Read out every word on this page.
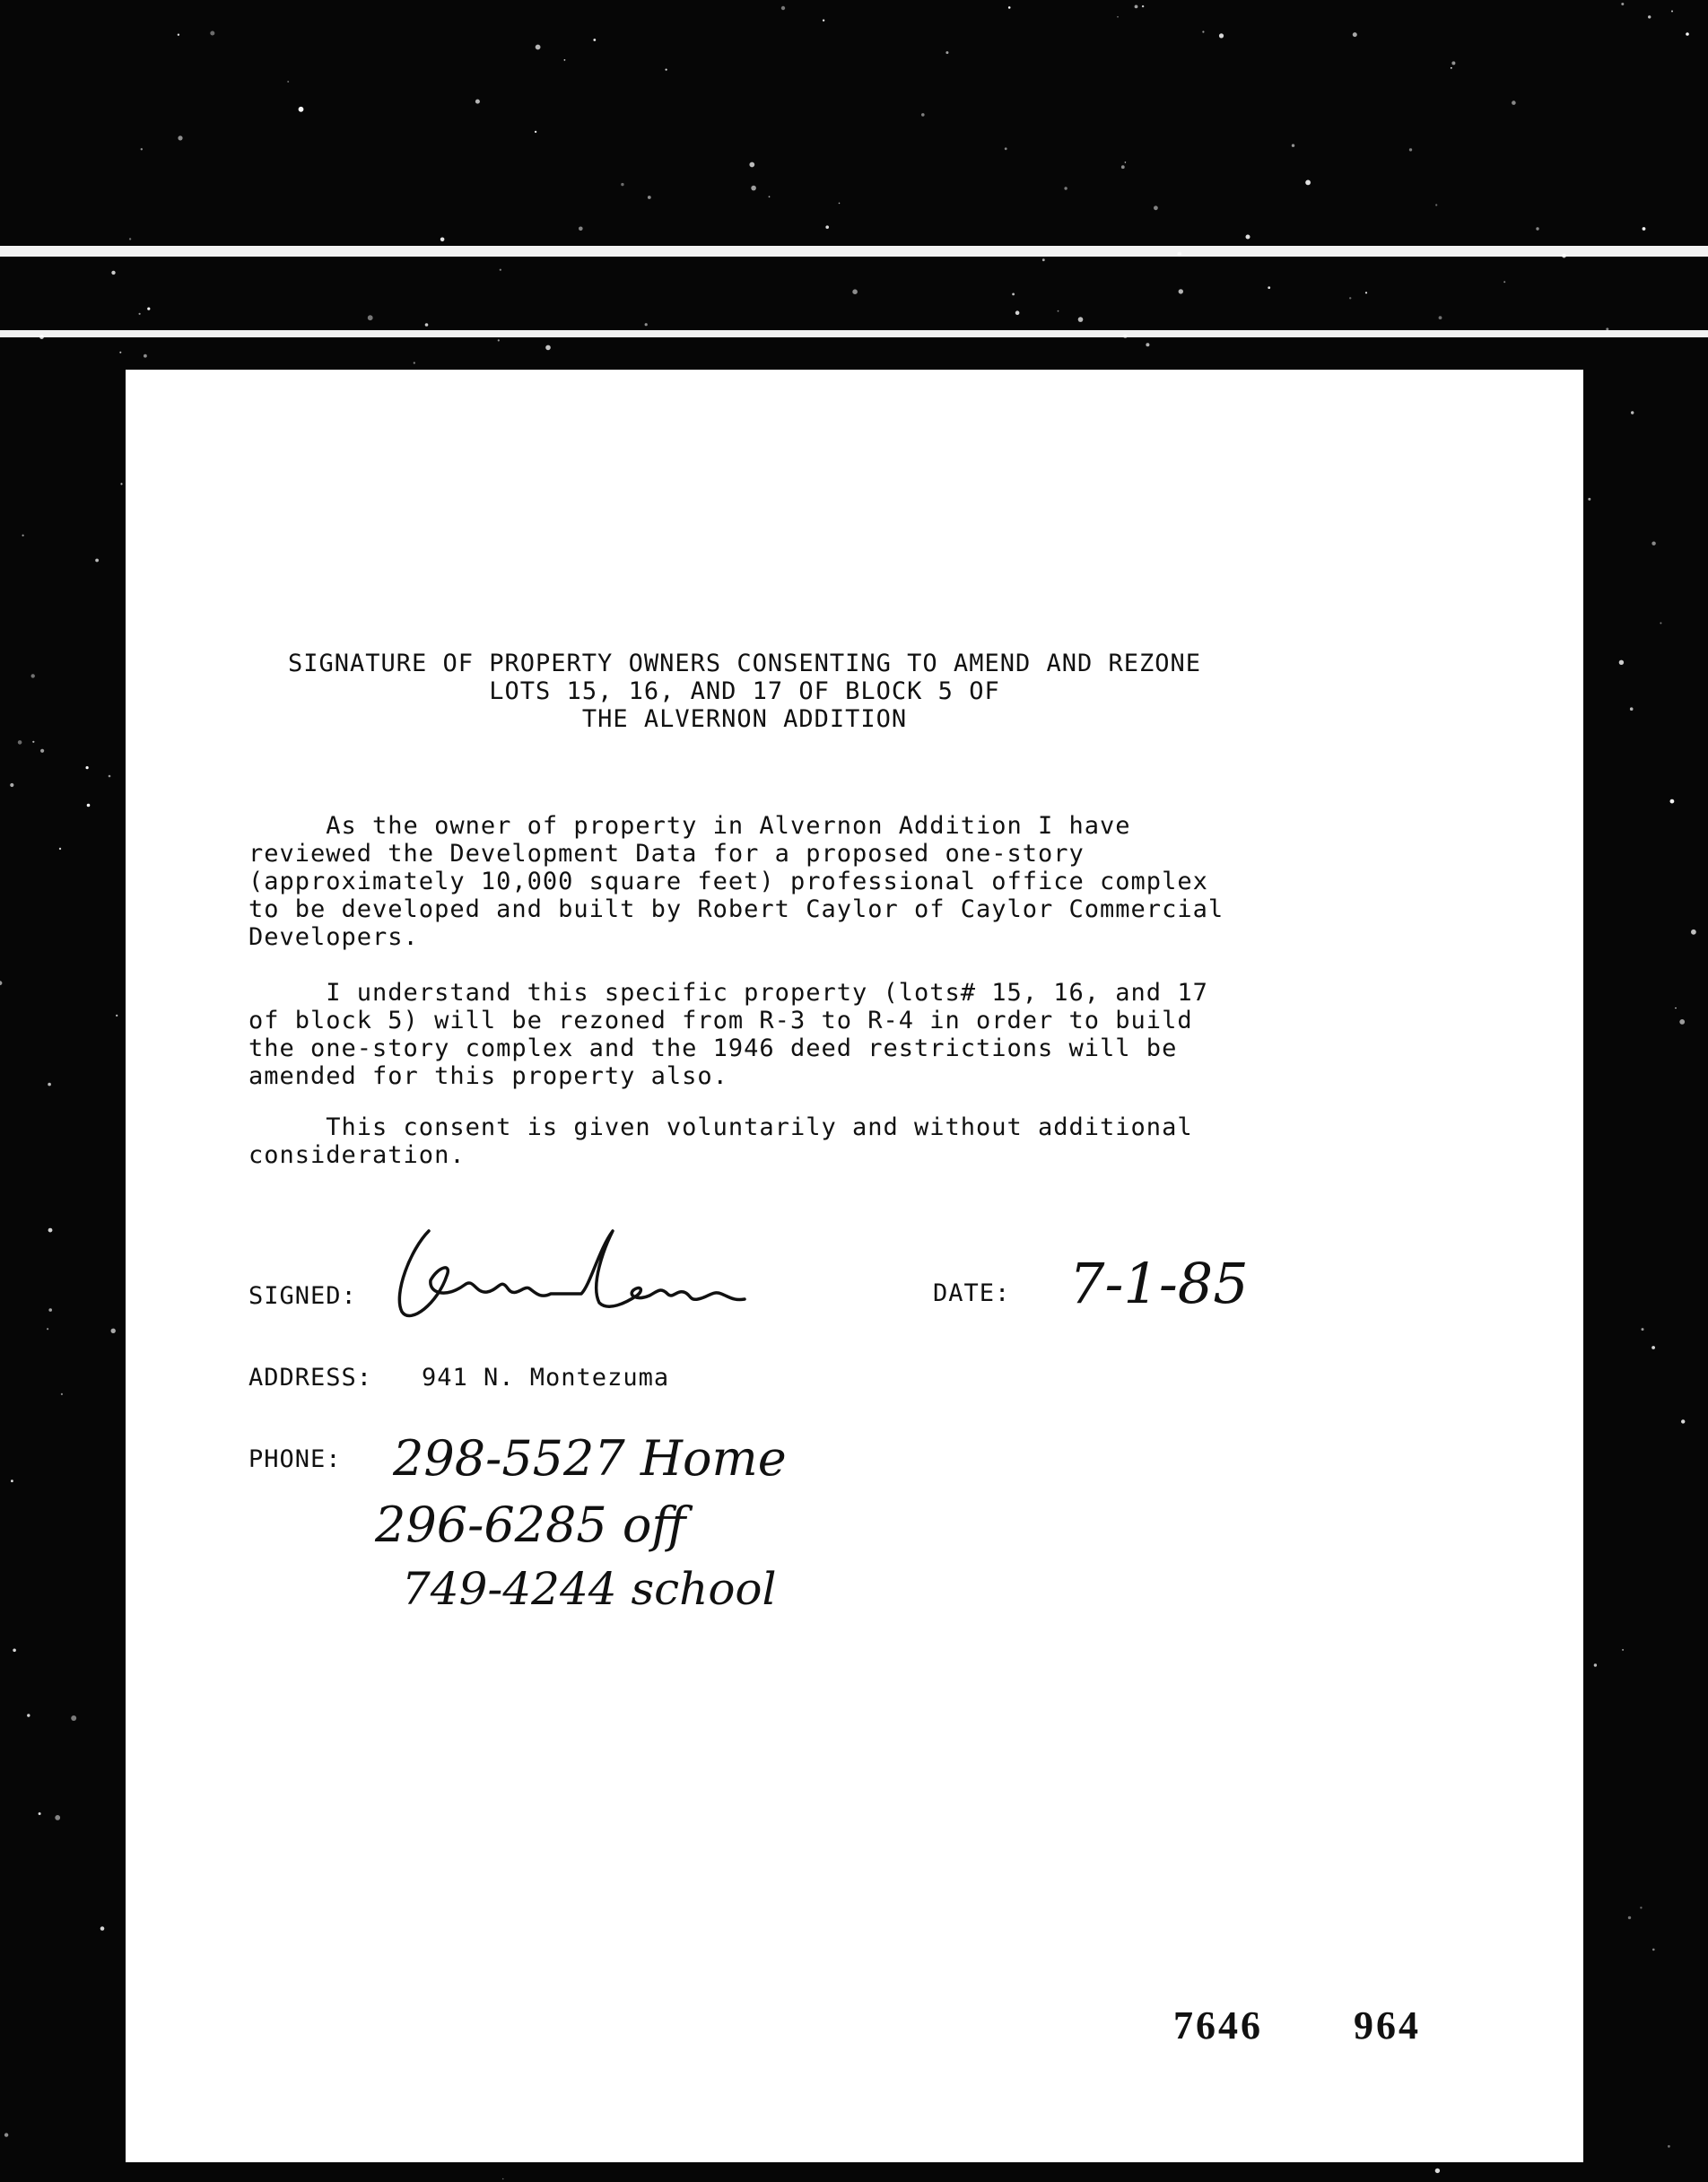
SIGNATURE OF PROPERTY OWNERS CONSENTING TO AMEND AND REZONE
LOTS 15, 16, AND 17 OF BLOCK 5 OF
THE ALVERNON ADDITION
As the owner of property in Alvernon Addition I have
reviewed the Development Data for a proposed one-story
(approximately 10,000 square feet) professional office complex
to be developed and built by Robert Caylor of Caylor Commercial
Developers.
I understand this specific property (lots# 15, 16, and 17
of block 5) will be rezoned from R-3 to R-4 in order to build
the one-story complex and the 1946 deed restrictions will be
amended for this property also.
This consent is given voluntarily and without additional
consideration.
SIGNED:	DATE: 7-1-85
ADDRESS: 941 N. Montezuma
PHONE: 298-5527 Home
296-6285 off
749-4244 school
7646 964
